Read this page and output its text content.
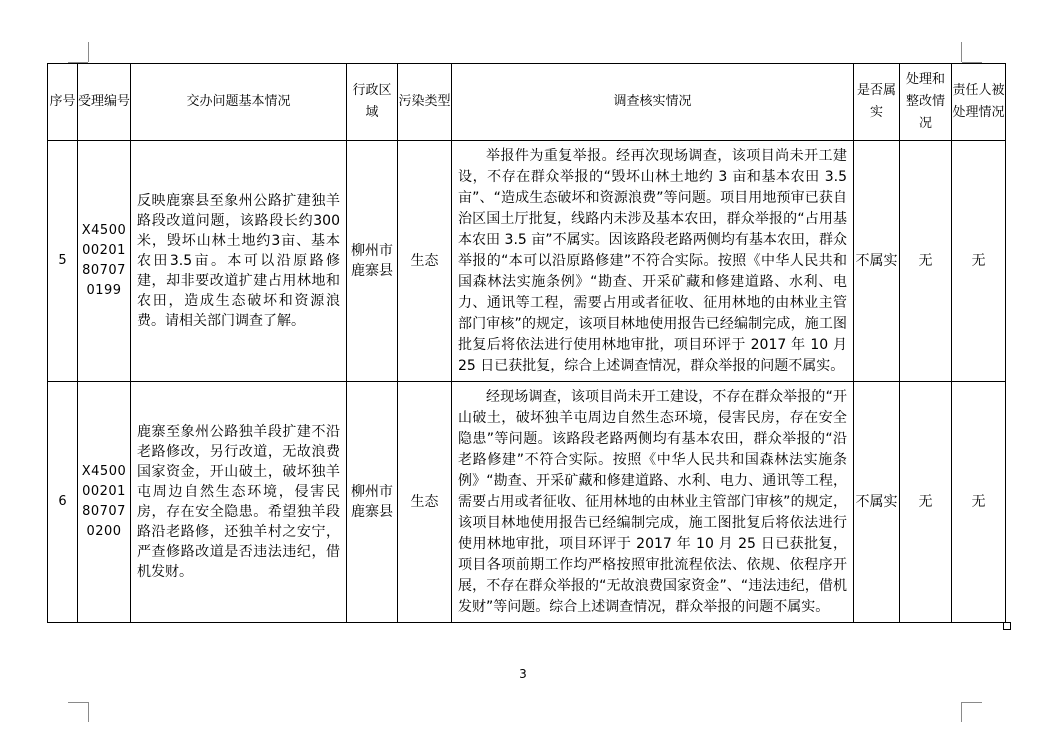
序号	受理编号	交办问题基本情况	行政区域	污染类型	调查核实情况	是否属实	处理和整改情况	责任人被处理情况
5	X4500 00201 80707 0199	反映鹿寨县至象州公路扩建独羊路段改道问题，该路段长约300米，毁坏山林土地约3亩、基本农田3.5亩。本可以沿原路修建，却非要改道扩建占用林地和农田，造成生态破坏和资源浪费。请相关部门调查了解。	柳州市鹿寨县	生态	举报件为重复举报。经再次现场调查，该项目尚未开工建设，不存在群众举报的“毁坏山林土地约 3 亩和基本农田 3.5 亩”、“造成生态破坏和资源浪费”等问题。项目用地预审已获自治区国土厅批复，线路内未涉及基本农田，群众举报的“占用基本农田 3.5 亩”不属实。因该路段老路两侧均有基本农田，群众举报的“本可以沿原路修建”不符合实际。按照《中华人民共和国森林法实施条例》“勘查、开采矿藏和修建道路、水利、电力、通讯等工程，需要占用或者征收、征用林地的由林业主管部门审核”的规定，该项目林地使用报告已经编制完成，施工图批复后将依法进行使用林地审批，项目环评于 2017 年 10 月 25 日已获批复，综合上述调查情况，群众举报的问题不属实。	不属实	无	无
6	X4500 00201 80707 0200	鹿寨至象州公路独羊段扩建不沿老路修改，另行改道，无故浪费国家资金，开山破土，破坏独羊屯周边自然生态环境，侵害民房，存在安全隐患。希望独羊段路沿老路修，还独羊村之安宁，严查修路改道是否违法违纪，借机发财。	柳州市鹿寨县	生态	经现场调查，该项目尚未开工建设，不存在群众举报的“开山破土，破坏独羊屯周边自然生态环境，侵害民房，存在安全隐患”等问题。该路段老路两侧均有基本农田，群众举报的“沿老路修建”不符合实际。按照《中华人民共和国森林法实施条例》“勘查、开采矿藏和修建道路、水利、电力、通讯等工程，需要占用或者征收、征用林地的由林业主管部门审核”的规定，该项目林地使用报告已经编制完成，施工图批复后将依法进行使用林地审批，项目环评于 2017 年 10 月 25 日已获批复，项目各项前期工作均严格按照审批流程依法、依规、依程序开展，不存在群众举报的“无故浪费国家资金”、“违法违纪，借机发财”等问题。综合上述调查情况，群众举报的问题不属实。	不属实	无	无
3
